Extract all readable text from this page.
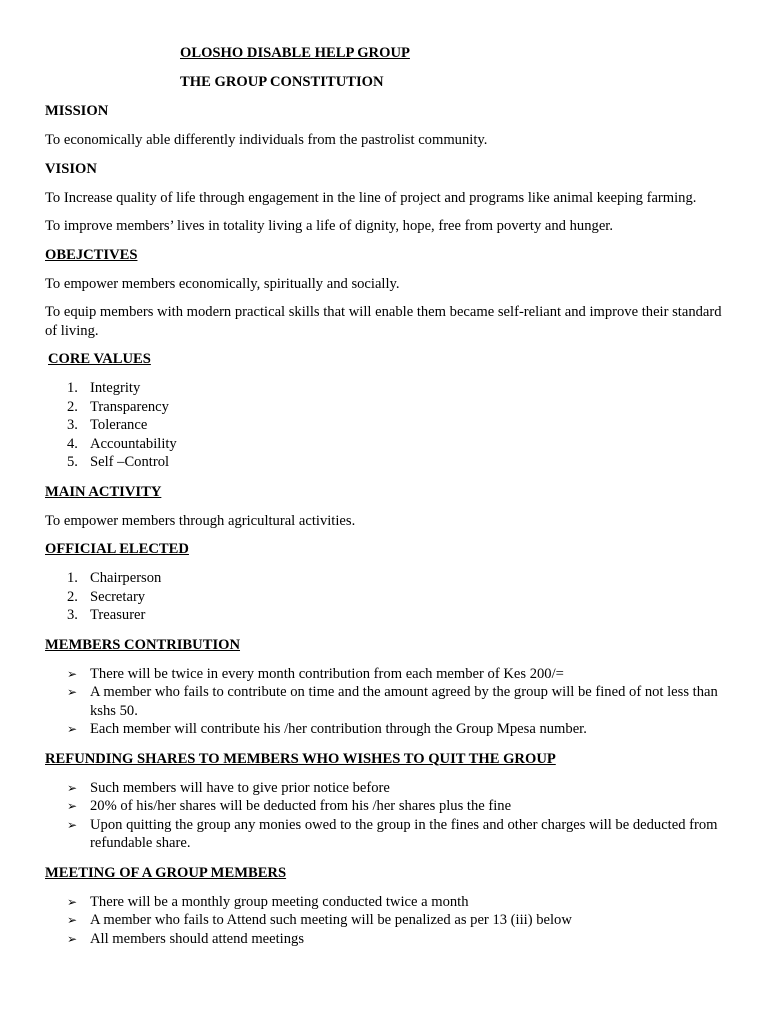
OLOSHO DISABLE HELP GROUP
THE GROUP CONSTITUTION
MISSION

To economically able differently individuals from the pastrolist community.

VISION

To Increase quality of life through engagement in the line of project and programs like animal keeping farming.

To improve members’ lives in totality living a life of dignity, hope, free from poverty and hunger.

OBEJCTIVES

To empower members economically, spiritually and socially.

To equip members with modern practical skills that will enable them became self-reliant and improve their standard of living.

CORE VALUES
1. Integrity
2. Transparency
3. Tolerance
4. Accountability
5. Self –Control
MAIN ACTIVITY

To empower members through agricultural activities.

OFFICIAL ELECTED
1. Chairperson
2. Secretary
3. Treasurer
MEMBERS CONTRIBUTION
➢ There will be twice in every month contribution from each member of Kes 200/=
➢ A member who fails to contribute on time and the amount agreed by the group will be fined of not less than kshs 50.
➢ Each member will contribute his /her contribution through the Group Mpesa number.
REFUNDING SHARES TO MEMBERS WHO WISHES TO QUIT THE GROUP
➢ Such members will have to give prior notice before
➢ 20% of his/her shares will be deducted from his /her shares plus the fine
➢ Upon quitting the group any monies owed to the group in the fines and other charges will be deducted from refundable share.
MEETING OF A GROUP MEMBERS
➢ There will be a monthly group meeting conducted twice a month
➢ A member who fails to Attend such meeting will be penalized as per 13 (iii) below
➢ All members should attend meetings
